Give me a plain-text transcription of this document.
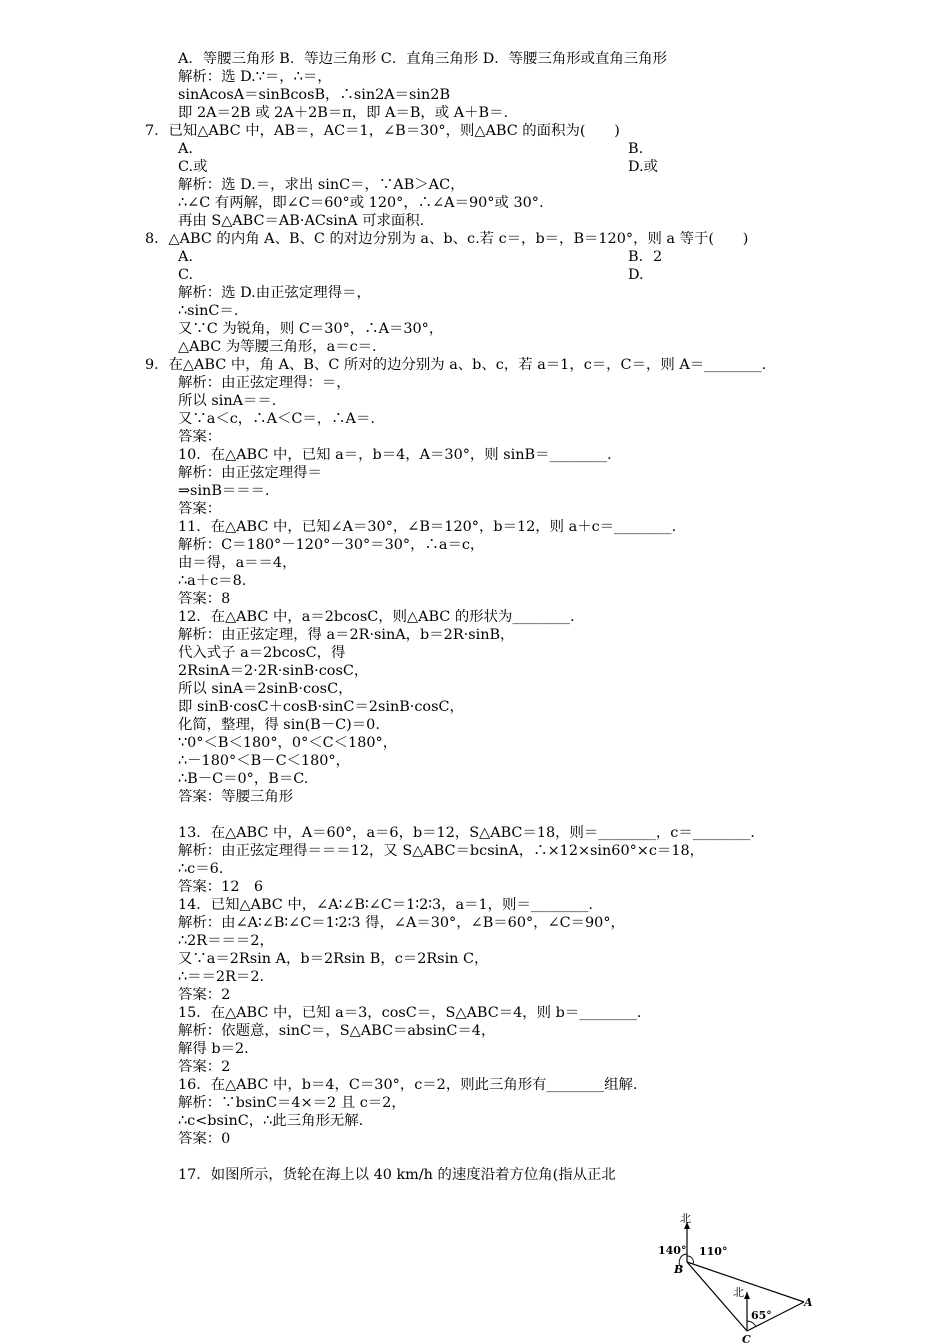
A．等腰三角形 B．等边三角形 C．直角三角形 D．等腰三角形或直角三角形
解析：选 D.∵＝，∴＝，
sinAcosA＝sinBcosB，∴sin2A＝sin2B
即 2A＝2B 或 2A＋2B＝π，即 A＝B，或 A＋B＝.
7．已知△ABC 中，AB＝，AC＝1，∠B＝30°，则△ABC 的面积为(　　)
A.	B.
C.或	D.或
解析：选 D.＝，求出 sinC＝，∵AB＞AC，
∴∠C 有两解，即∠C＝60°或 120°，∴∠A＝90°或 30°.
再由 S△ABC＝AB·ACsinA 可求面积.
8．△ABC 的内角 A、B、C 的对边分别为 a、b、c.若 c＝，b＝，B＝120°，则 a 等于(　　)
A.	B．2
C.	D.
解析：选 D.由正弦定理得＝，
∴sinC＝.
又∵C 为锐角，则 C＝30°，∴A＝30°，
△ABC 为等腰三角形，a＝c＝.
9．在△ABC 中，角 A、B、C 所对的边分别为 a、b、c，若 a＝1，c＝，C＝，则 A＝________.
解析：由正弦定理得：＝，
所以 sinA＝＝.
又∵a＜c，∴A＜C＝，∴A＝.
答案：
10．在△ABC 中，已知 a＝，b＝4，A＝30°，则 sinB＝________.
解析：由正弦定理得＝
⇒sinB＝＝＝.
答案：
11．在△ABC 中，已知∠A＝30°，∠B＝120°，b＝12，则 a＋c＝________.
解析：C＝180°－120°－30°＝30°，∴a＝c，
由＝得，a＝＝4，
∴a＋c＝8.
答案：8
12．在△ABC 中，a＝2bcosC，则△ABC 的形状为________.
解析：由正弦定理，得 a＝2R·sinA，b＝2R·sinB，
代入式子 a＝2bcosC，得
2RsinA＝2·2R·sinB·cosC，
所以 sinA＝2sinB·cosC，
即 sinB·cosC＋cosB·sinC＝2sinB·cosC，
化简，整理，得 sin(B－C)＝0.
∵0°＜B＜180°，0°＜C＜180°，
∴－180°＜B－C＜180°，
∴B－C＝0°，B＝C.
答案：等腰三角形
13．在△ABC 中，A＝60°，a＝6，b＝12，S△ABC＝18，则＝________，c＝________.
解析：由正弦定理得＝＝＝12，又 S△ABC＝bcsinA，∴×12×sin60°×c＝18，
∴c＝6.
答案：12　6
14．已知△ABC 中，∠A∶∠B∶∠C＝1∶2∶3，a＝1，则＝________.
解析：由∠A∶∠B∶∠C＝1∶2∶3 得，∠A＝30°，∠B＝60°，∠C＝90°，
∴2R＝＝＝2，
又∵a＝2Rsin A，b＝2Rsin B，c＝2Rsin C，
∴＝＝2R＝2.
答案：2
15．在△ABC 中，已知 a＝3，cosC＝，S△ABC＝4，则 b＝________.
解析：依题意，sinC＝，S△ABC＝absinC＝4，
解得 b＝2.
答案：2
16．在△ABC 中，b＝4，C＝30°，c＝2，则此三角形有________组解.
解析：∵bsinC＝4×＝2 且 c＝2，
∴c<bsinC，∴此三角形无解.
答案：0
17．如图所示，货轮在海上以 40 km/h 的速度沿着方位角(指从正北
北
140° 110°
B
北
65°
A
C
